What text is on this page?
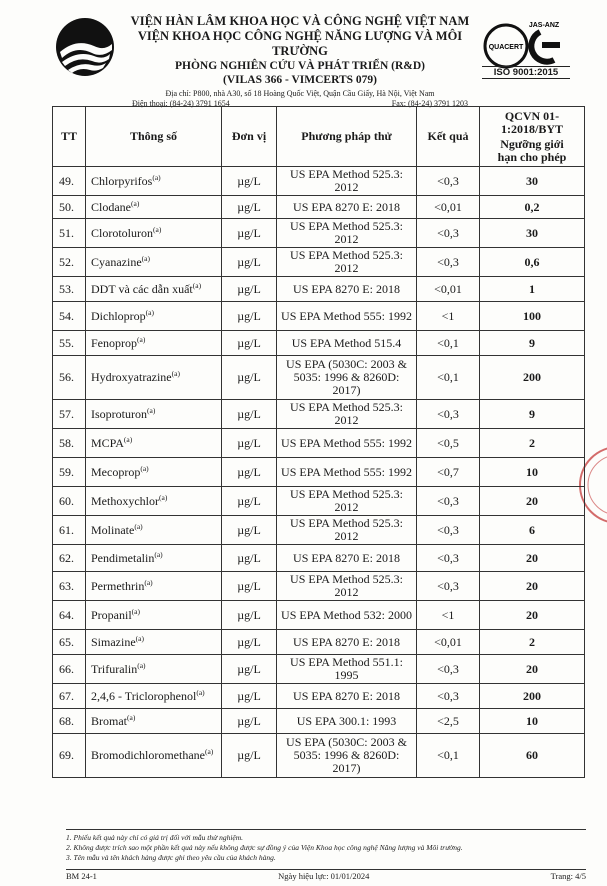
VIỆN HÀN LÂM KHOA HỌC VÀ CÔNG NGHỆ VIỆT NAM
VIỆN KHOA HỌC CÔNG NGHỆ NĂNG LƯỢNG VÀ MÔI TRƯỜNG
PHÒNG NGHIÊN CỨU VÀ PHÁT TRIỂN (R&D)
(VILAS 366 - VIMCERTS 079)
Địa chỉ: P800, nhà A30, số 18 Hoàng Quốc Việt, Quận Cầu Giấy, Hà Nội, Việt Nam
Điện thoại: (84-24) 3791 1654	Fax: (84-24) 3791 1203
JAS-ANZ
QUACERT
ISO 9001:2015
TT	Thông số	Đơn vị	Phương pháp thử	Kết quả	QCVN 01-1:2018/BYT
Ngưỡng giới hạn cho phép

49.	Chlorpyrifos$^{(a)}$	µg/L	US EPA Method 525.3: 2012	<0,3	30
50.	Clodane$^{(a)}$	µg/L	US EPA 8270 E: 2018	<0,01	0,2
51.	Clorotoluron$^{(a)}$	µg/L	US EPA Method 525.3: 2012	<0,3	30
52.	Cyanazine$^{(a)}$	µg/L	US EPA Method 525.3: 2012	<0,3	0,6
53.	DDT và các dẫn xuất$^{(a)}$	µg/L	US EPA 8270 E: 2018	<0,01	1
54.	Dichloprop$^{(a)}$	µg/L	US EPA Method 555: 1992	<1	100
55.	Fenoprop$^{(a)}$	µg/L	US EPA Method 515.4	<0,1	9
56.	Hydroxyatrazine$^{(a)}$	µg/L	US EPA (5030C: 2003 & 5035: 1996 & 8260D: 2017)	<0,1	200
57.	Isoproturon$^{(a)}$	µg/L	US EPA Method 525.3: 2012	<0,3	9
58.	MCPA$^{(a)}$	µg/L	US EPA Method 555: 1992	<0,5	2
59.	Mecoprop$^{(a)}$	µg/L	US EPA Method 555: 1992	<0,7	10
60.	Methoxychlor$^{(a)}$	µg/L	US EPA Method 525.3: 2012	<0,3	20
61.	Molinate$^{(a)}$	µg/L	US EPA Method 525.3: 2012	<0,3	6
62.	Pendimetalin$^{(a)}$	µg/L	US EPA 8270 E: 2018	<0,3	20
63.	Permethrin$^{(a)}$	µg/L	US EPA Method 525.3: 2012	<0,3	20
64.	Propanil$^{(a)}$	µg/L	US EPA Method 532: 2000	<1	20
65.	Simazine$^{(a)}$	µg/L	US EPA 8270 E: 2018	<0,01	2
66.	Trifuralin$^{(a)}$	µg/L	US EPA Method 551.1: 1995	<0,3	20
67.	2,4,6 - Triclorophenol$^{(a)}$	µg/L	US EPA 8270 E: 2018	<0,3	200
68.	Bromat$^{(a)}$	µg/L	US EPA 300.1: 1993	<2,5	10
69.	Bromodichloromethane$^{(a)}$	µg/L	US EPA (5030C: 2003 & 5035: 1996 & 8260D: 2017)	<0,1	60
1. Phiếu kết quả này chỉ có giá trị đối với mẫu thử nghiệm.
2. Không được trích sao một phần kết quả này nếu không được sự đồng ý của Viện Khoa học công nghệ Năng lượng và Môi trường.
3. Tên mẫu và tên khách hàng được ghi theo yêu cầu của khách hàng.
BM 24-1	Ngày hiệu lực: 01/01/2024	Trang: 4/5
